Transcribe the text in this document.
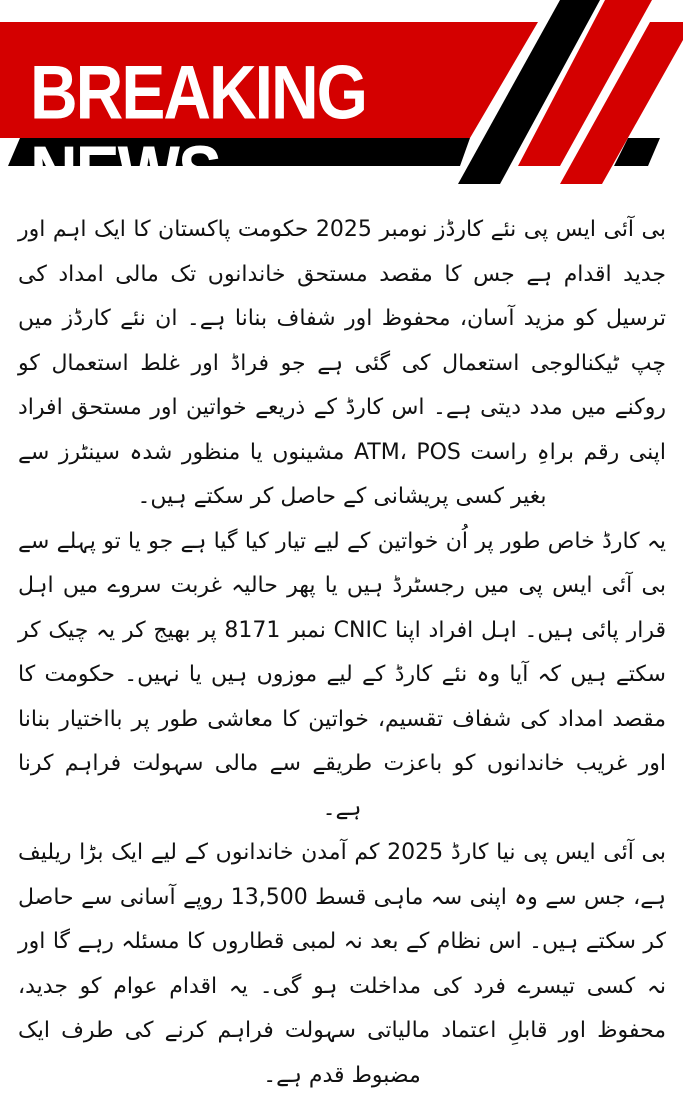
BREAKING NEWS

بی آئی ایس پی نئے کارڈز نومبر 2025 حکومت پاکستان کا ایک اہم اور جدید اقدام ہے جس کا مقصد مستحق خاندانوں تک مالی امداد کی ترسیل کو مزید آسان، محفوظ اور شفاف بنانا ہے۔ ان نئے کارڈز میں چپ ٹیکنالوجی استعمال کی گئی ہے جو فراڈ اور غلط استعمال کو روکنے میں مدد دیتی ہے۔ اس کارڈ کے ذریعے خواتین اور مستحق افراد اپنی رقم براہِ راست ATM، POS مشینوں یا منظور شدہ سینٹرز سے بغیر کسی پریشانی کے حاصل کر سکتے ہیں۔

یہ کارڈ خاص طور پر اُن خواتین کے لیے تیار کیا گیا ہے جو یا تو پہلے سے بی آئی ایس پی میں رجسٹرڈ ہیں یا پھر حالیہ غربت سروے میں اہل قرار پائی ہیں۔ اہل افراد اپنا CNIC نمبر 8171 پر بھیج کر یہ چیک کر سکتے ہیں کہ آیا وہ نئے کارڈ کے لیے موزوں ہیں یا نہیں۔ حکومت کا مقصد امداد کی شفاف تقسیم، خواتین کا معاشی طور پر بااختیار بنانا اور غریب خاندانوں کو باعزت طریقے سے مالی سہولت فراہم کرنا ہے۔

بی آئی ایس پی نیا کارڈ 2025 کم آمدن خاندانوں کے لیے ایک بڑا ریلیف ہے، جس سے وہ اپنی سہ ماہی قسط 13,500 روپے آسانی سے حاصل کر سکتے ہیں۔ اس نظام کے بعد نہ لمبی قطاروں کا مسئلہ رہے گا اور نہ کسی تیسرے فرد کی مداخلت ہو گی۔ یہ اقدام عوام کو جدید، محفوظ اور قابلِ اعتماد مالیاتی سہولت فراہم کرنے کی طرف ایک مضبوط قدم ہے۔
